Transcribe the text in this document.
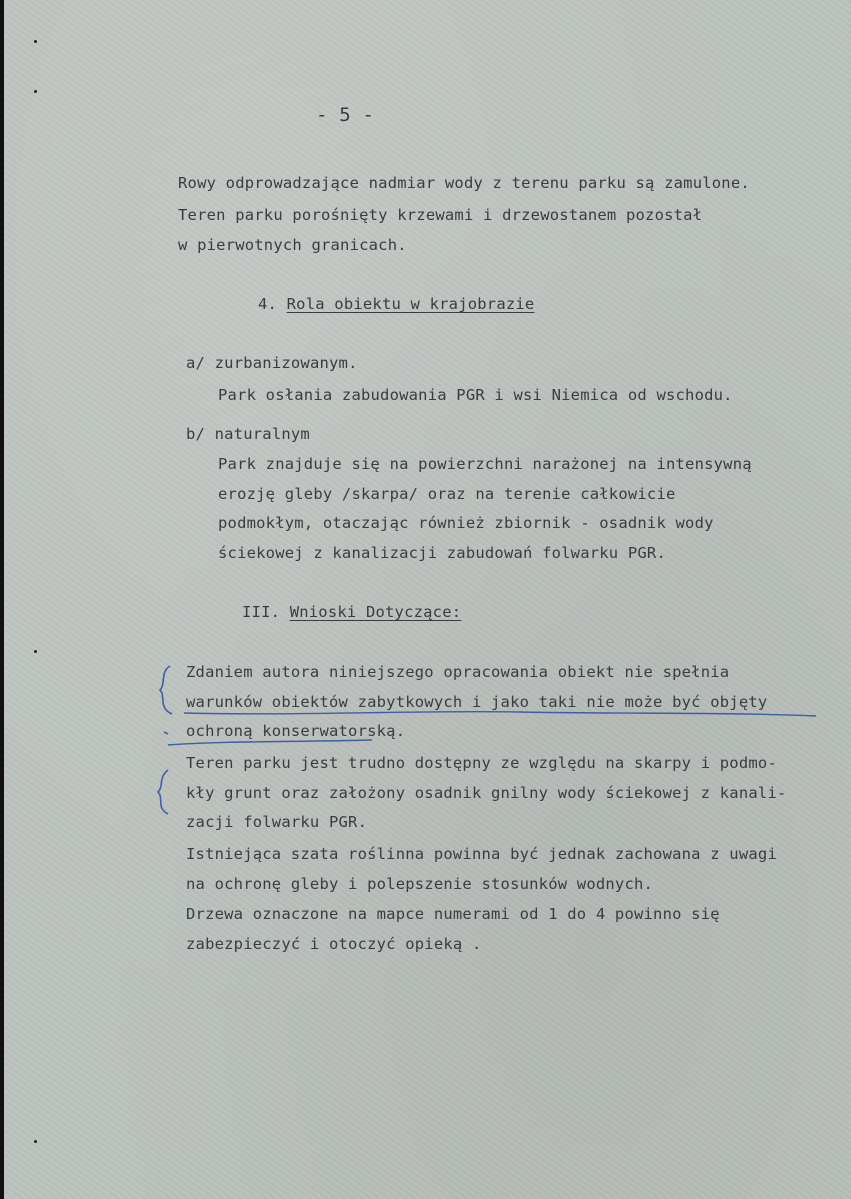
- 5 -
Rowy odprowadzające nadmiar wody z terenu parku są zamulone.
Teren parku porośnięty krzewami i drzewostanem pozostał
w pierwotnych granicach.
4. Rola obiektu w krajobrazie
a/ zurbanizowanym.
Park osłania zabudowania PGR i wsi Niemica od wschodu.
b/ naturalnym
Park znajduje się na powierzchni narażonej na intensywną
erozję gleby /skarpa/ oraz na terenie całkowicie
podmokłym, otaczając również zbiornik - osadnik wody
ściekowej z kanalizacji zabudowań folwarku PGR.
III. Wnioski Dotyczące:
Zdaniem autora niniejszego opracowania obiekt nie spełnia
warunków obiektów zabytkowych i jako taki nie może być objęty
ochroną konserwatorską.
Teren parku jest trudno dostępny ze względu na skarpy i podmo-
kły grunt oraz założony osadnik gnilny wody ściekowej z kanali-
zacji folwarku PGR.
Istniejąca szata roślinna powinna być jednak zachowana z uwagi
na ochronę gleby i polepszenie stosunków wodnych.
Drzewa oznaczone na mapce numerami od 1 do 4 powinno się
zabezpieczyć i otoczyć opieką .
